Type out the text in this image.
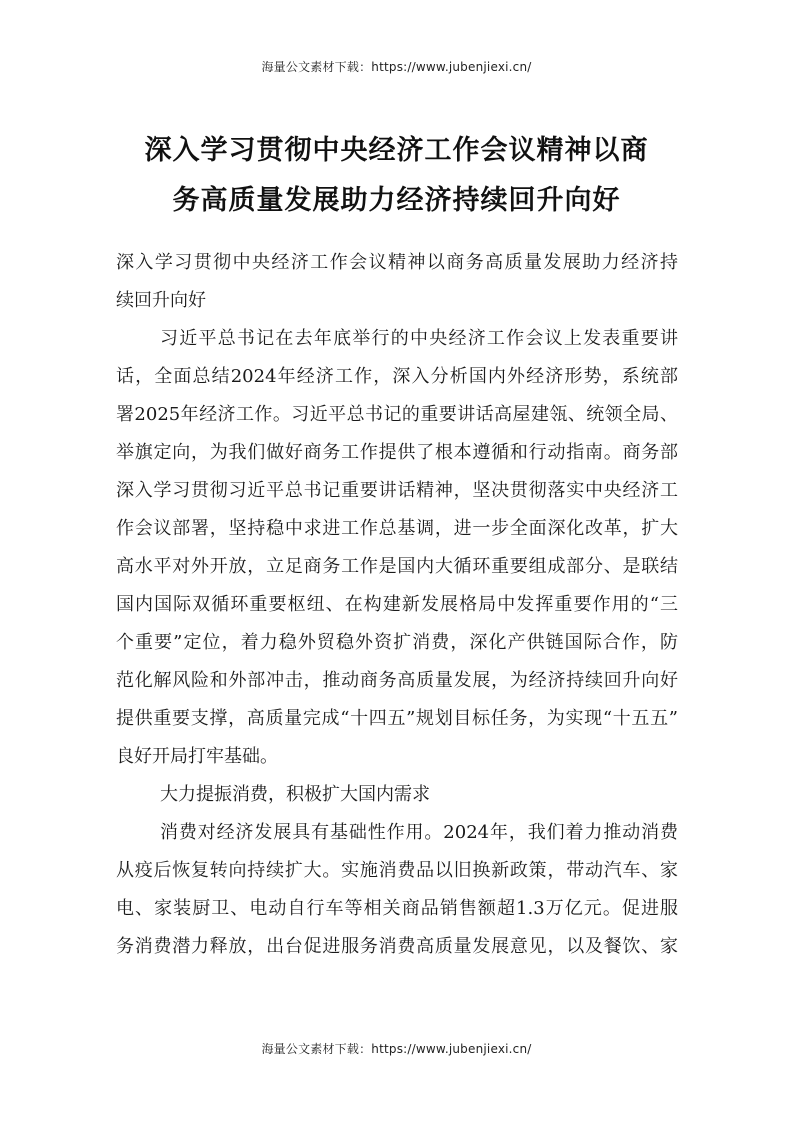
海量公文素材下载：https://www.jubenjiexi.cn/
深入学习贯彻中央经济工作会议精神以商
务高质量发展助力经济持续回升向好
深入学习贯彻中央经济工作会议精神以商务高质量发展助力经济持
续回升向好
习近平总书记在去年底举行的中央经济工作会议上发表重要讲
话，全面总结2024年经济工作，深入分析国内外经济形势，系统部
署2025年经济工作。习近平总书记的重要讲话高屋建瓴、统领全局、
举旗定向，为我们做好商务工作提供了根本遵循和行动指南。商务部
深入学习贯彻习近平总书记重要讲话精神，坚决贯彻落实中央经济工
作会议部署，坚持稳中求进工作总基调，进一步全面深化改革，扩大
高水平对外开放，立足商务工作是国内大循环重要组成部分、是联结
国内国际双循环重要枢纽、在构建新发展格局中发挥重要作用的“三
个重要”定位，着力稳外贸稳外资扩消费，深化产供链国际合作，防
范化解风险和外部冲击，推动商务高质量发展，为经济持续回升向好
提供重要支撑，高质量完成“十四五”规划目标任务，为实现“十五五”
良好开局打牢基础。
大力提振消费，积极扩大国内需求
消费对经济发展具有基础性作用。2024年，我们着力推动消费
从疫后恢复转向持续扩大。实施消费品以旧换新政策，带动汽车、家
电、家装厨卫、电动自行车等相关商品销售额超1.3万亿元。促进服
务消费潜力释放，出台促进服务消费高质量发展意见，以及餐饮、家
海量公文素材下载：https://www.jubenjiexi.cn/
